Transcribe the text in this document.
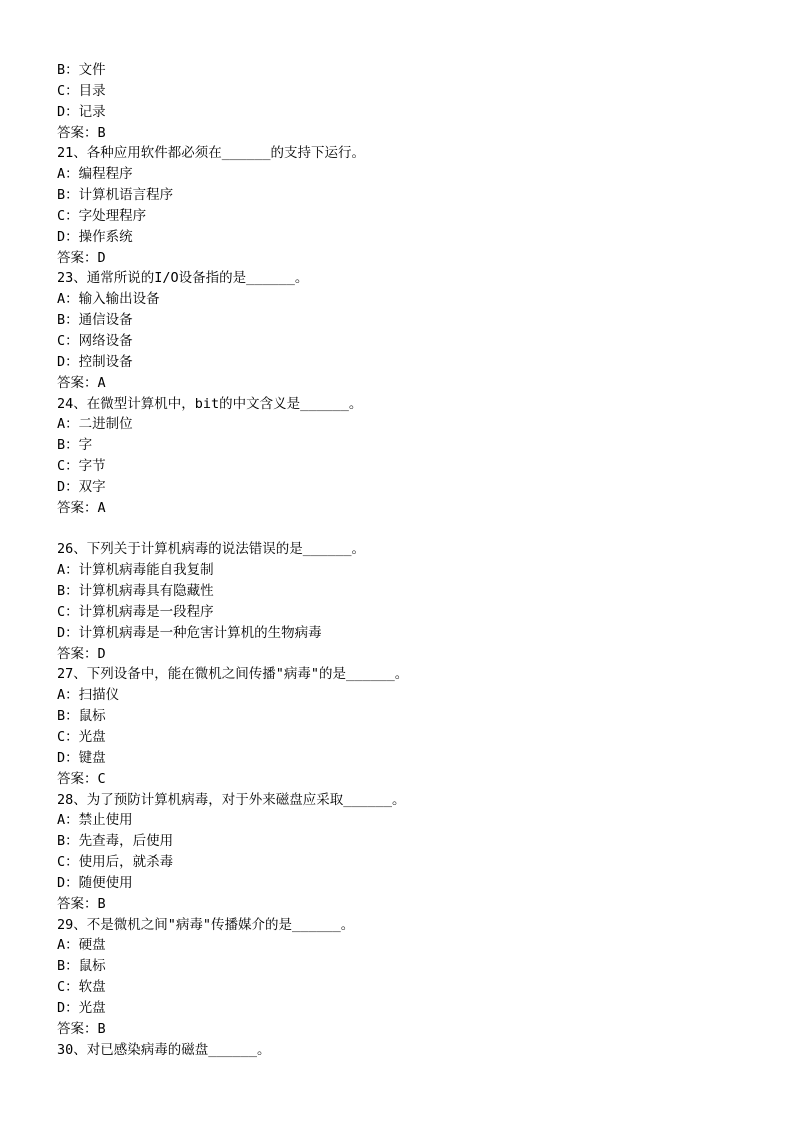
B：文件
C：目录
D：记录
答案：B
21、各种应用软件都必须在______的支持下运行。
A：编程程序
B：计算机语言程序
C：字处理程序
D：操作系统
答案：D
23、通常所说的I/O设备指的是______。
A：输入输出设备
B：通信设备
C：网络设备
D：控制设备
答案：A
24、在微型计算机中，bit的中文含义是______。
A：二进制位
B：字
C：字节
D：双字
答案：A
26、下列关于计算机病毒的说法错误的是______。
A：计算机病毒能自我复制
B：计算机病毒具有隐藏性
C：计算机病毒是一段程序
D：计算机病毒是一种危害计算机的生物病毒
答案：D
27、下列设备中，能在微机之间传播"病毒"的是______。
A：扫描仪
B：鼠标
C：光盘
D：键盘
答案：C
28、为了预防计算机病毒，对于外来磁盘应采取______。
A：禁止使用
B：先查毒，后使用
C：使用后，就杀毒
D：随便使用
答案：B
29、不是微机之间"病毒"传播媒介的是______。
A：硬盘
B：鼠标
C：软盘
D：光盘
答案：B
30、对已感染病毒的磁盘______。
